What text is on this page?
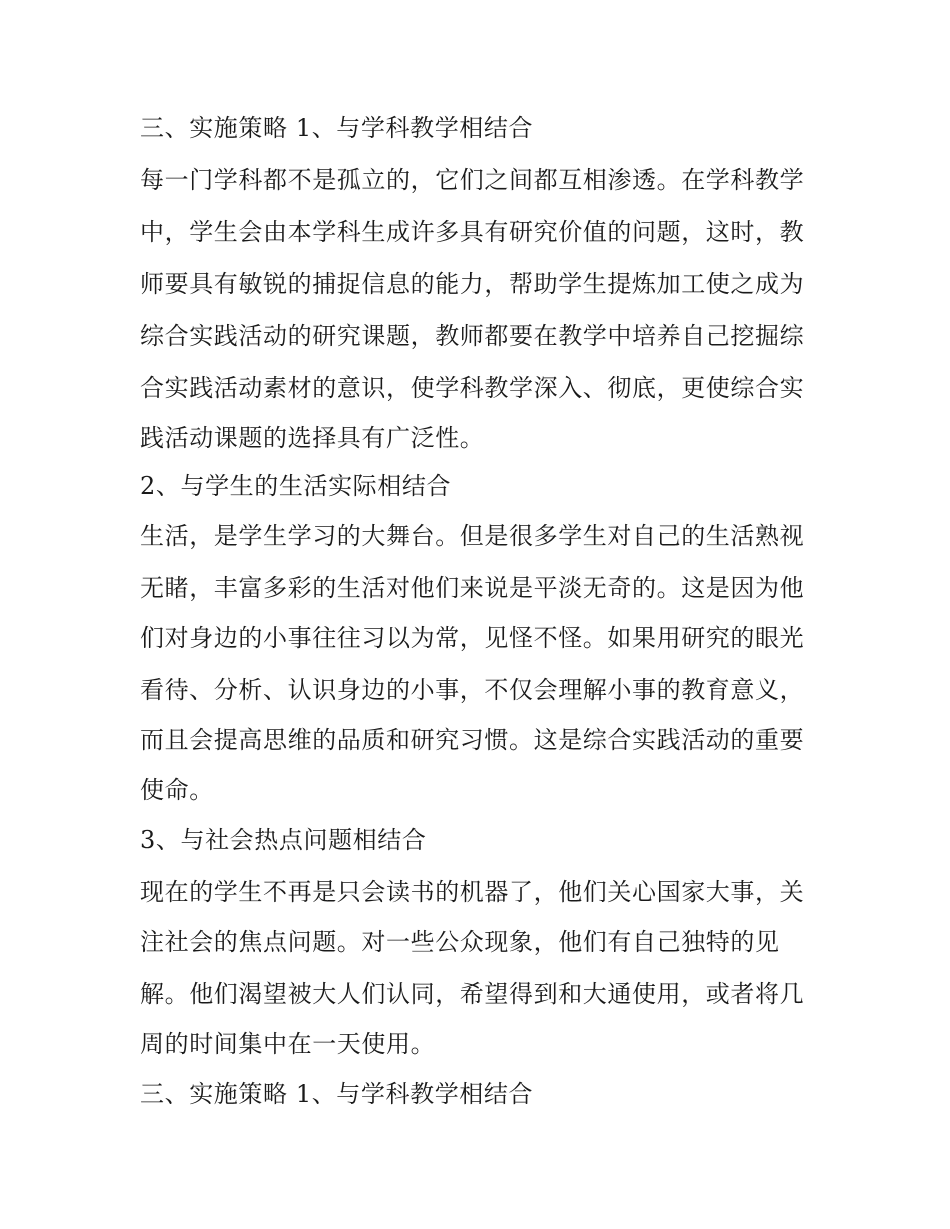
三、实施策略 1、与学科教学相结合
每一门学科都不是孤立的，它们之间都互相渗透。在学科教学
中，学生会由本学科生成许多具有研究价值的问题，这时，教
师要具有敏锐的捕捉信息的能力，帮助学生提炼加工使之成为
综合实践活动的研究课题，教师都要在教学中培养自己挖掘综
合实践活动素材的意识，使学科教学深入、彻底，更使综合实
践活动课题的选择具有广泛性。
2、与学生的生活实际相结合
生活，是学生学习的大舞台。但是很多学生对自己的生活熟视
无睹，丰富多彩的生活对他们来说是平淡无奇的。这是因为他
们对身边的小事往往习以为常，见怪不怪。如果用研究的眼光
看待、分析、认识身边的小事，不仅会理解小事的教育意义，
而且会提高思维的品质和研究习惯。这是综合实践活动的重要
使命。
3、与社会热点问题相结合
现在的学生不再是只会读书的机器了，他们关心国家大事，关
注社会的焦点问题。对一些公众现象，他们有自己独特的见
解。他们渴望被大人们认同，希望得到和大通使用，或者将几
周的时间集中在一天使用。
三、实施策略 1、与学科教学相结合
